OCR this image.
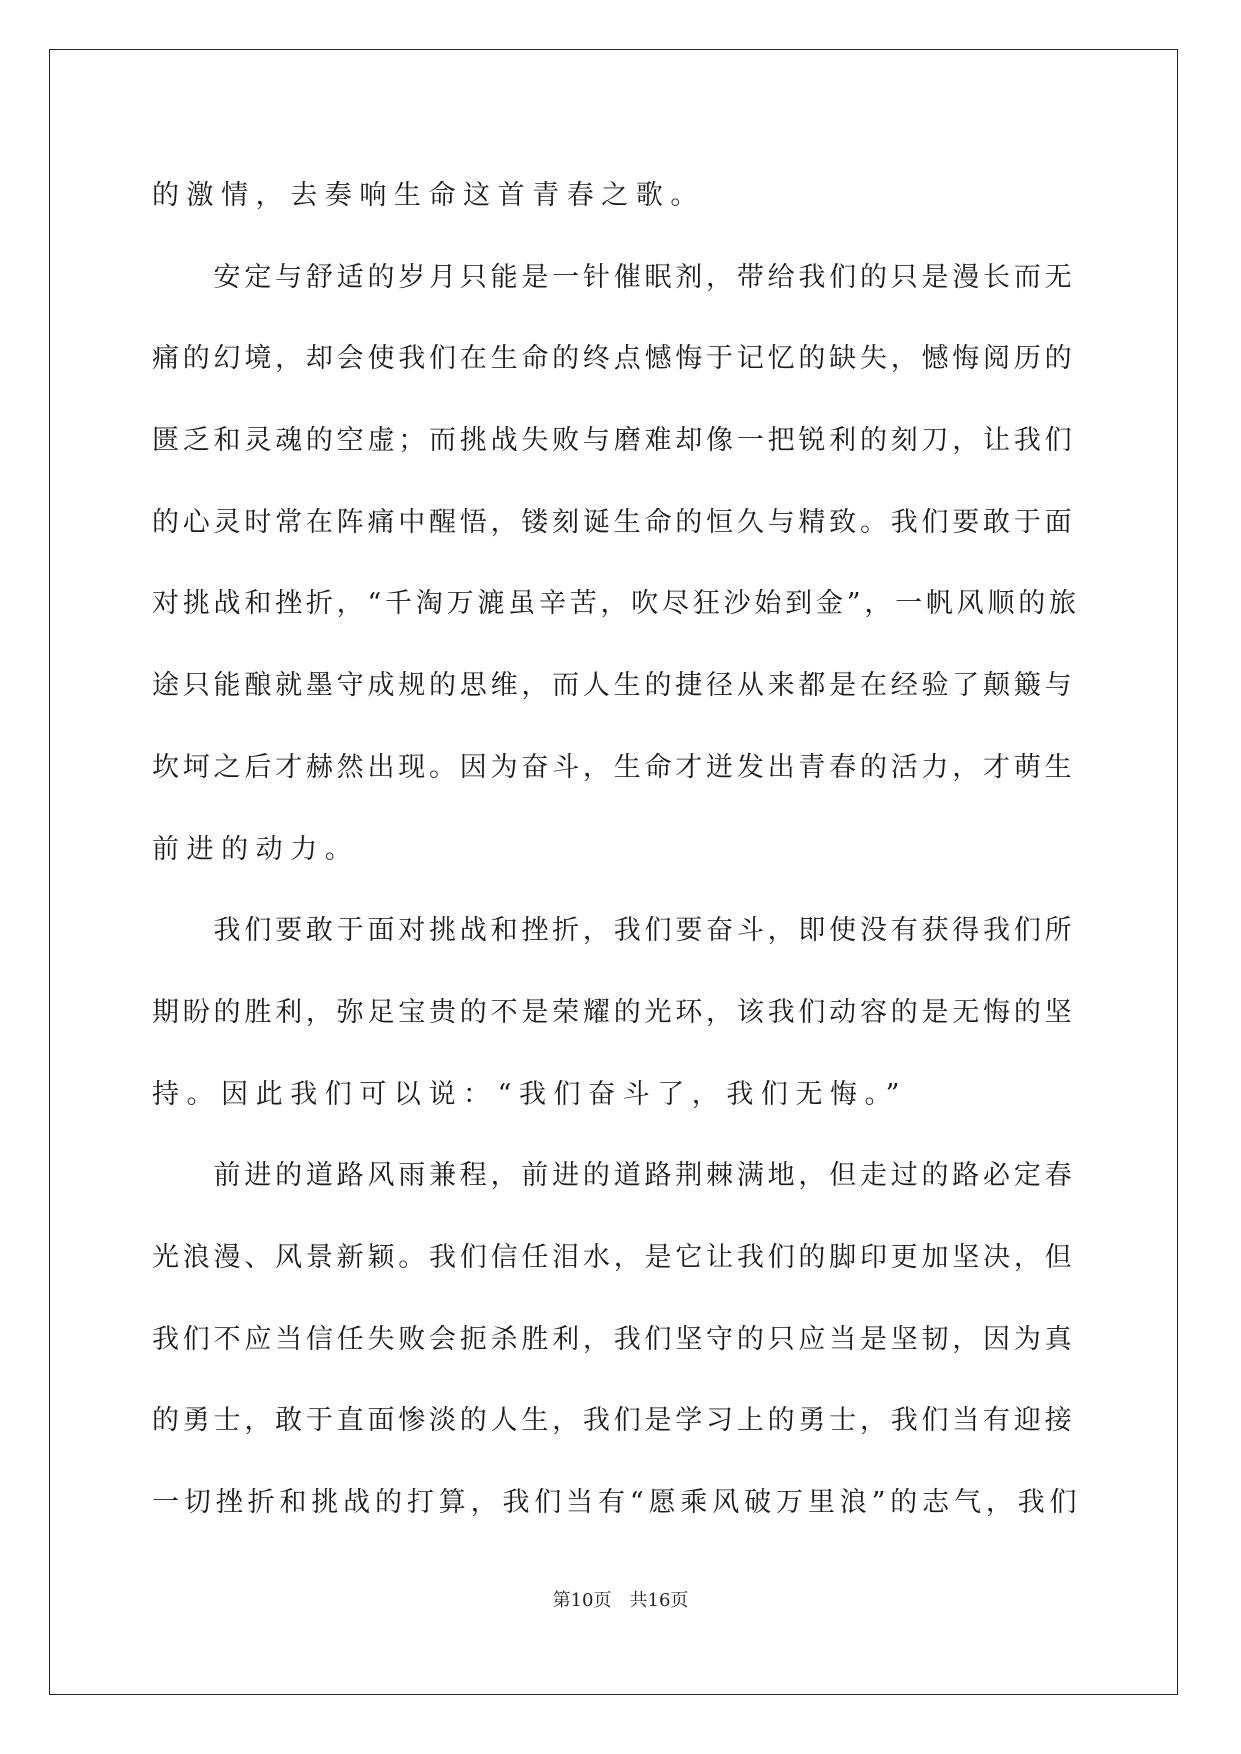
的激情，去奏响生命这首青春之歌。
　　安定与舒适的岁月只能是一针催眠剂，带给我们的只是漫长而无
痛的幻境，却会使我们在生命的终点憾悔于记忆的缺失，憾悔阅历的
匮乏和灵魂的空虚；而挑战失败与磨难却像一把锐利的刻刀，让我们
的心灵时常在阵痛中醒悟，镂刻诞生命的恒久与精致。我们要敢于面
对挑战和挫折，“千淘万漉虽辛苦，吹尽狂沙始到金”，一帆风顺的旅
途只能酿就墨守成规的思维，而人生的捷径从来都是在经验了颠簸与
坎坷之后才赫然出现。因为奋斗，生命才迸发出青春的活力，才萌生
前进的动力。
　　我们要敢于面对挑战和挫折，我们要奋斗，即使没有获得我们所
期盼的胜利，弥足宝贵的不是荣耀的光环，该我们动容的是无悔的坚
持。因此我们可以说：“我们奋斗了，我们无悔。”
　　前进的道路风雨兼程，前进的道路荆棘满地，但走过的路必定春
光浪漫、风景新颖。我们信任泪水，是它让我们的脚印更加坚决，但
我们不应当信任失败会扼杀胜利，我们坚守的只应当是坚韧，因为真
的勇士，敢于直面惨淡的人生，我们是学习上的勇士，我们当有迎接
一切挫折和挑战的打算，我们当有“愿乘风破万里浪”的志气，我们
第10页　共16页
